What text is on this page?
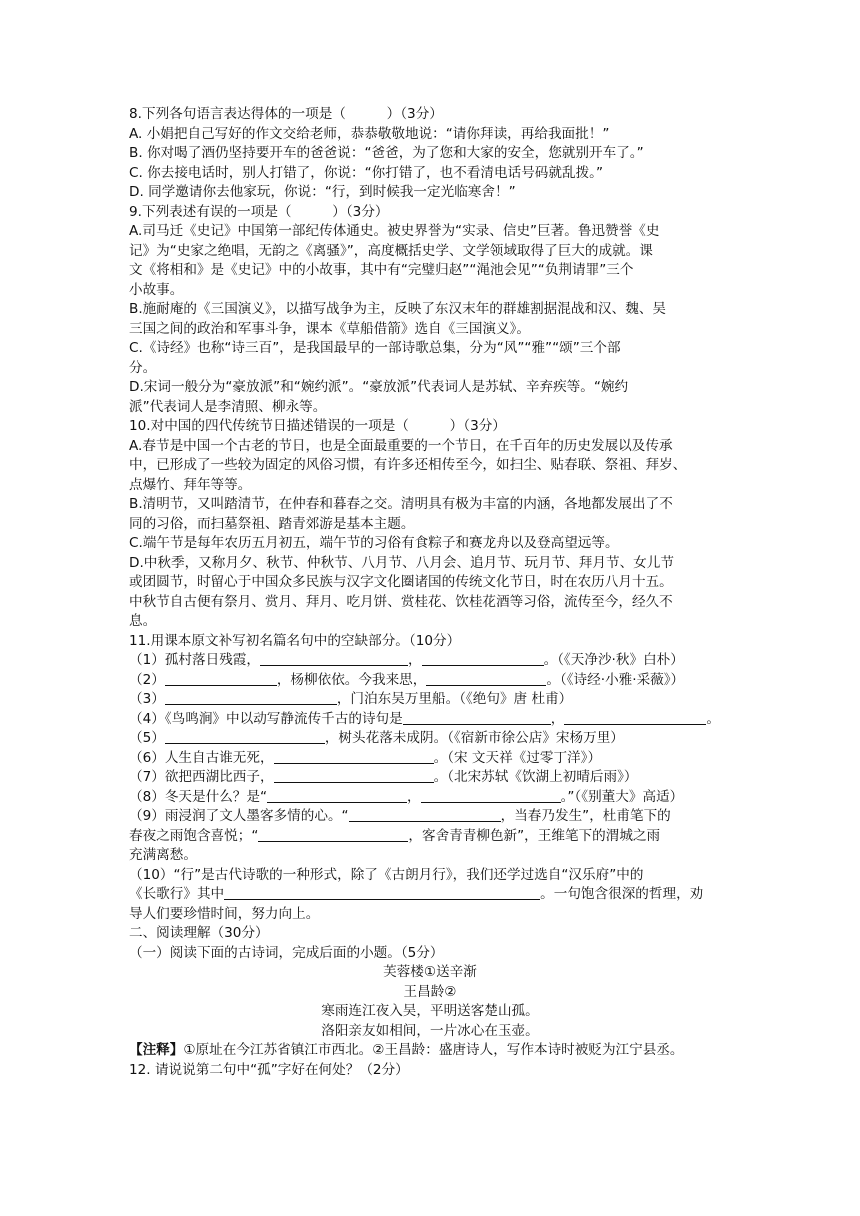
8.下列各句语言表达得体的一项是（　　　）（3分）
A. 小娟把自己写好的作文交给老师，恭恭敬敬地说：“请你拜读，再给我面批！”
B. 你对喝了酒仍坚持要开车的爸爸说：“爸爸，为了您和大家的安全，您就别开车了。”
C. 你去接电话时，别人打错了，你说：“你打错了，也不看清电话号码就乱拨。”
D. 同学邀请你去他家玩，你说：“行，到时候我一定光临寒舍！”
9.下列表述有误的一项是（　　　）（3分）
A.司马迁《史记》中国第一部纪传体通史。被史界誉为“实录、信史”巨著。鲁迅赞誉《史
记》为“史家之绝唱，无韵之《离骚》”，高度概括史学、文学领域取得了巨大的成就。课
文《将相和》是《史记》中的小故事，其中有“完璧归赵”“渑池会见”“负荆请罪”三个
小故事。
B.施耐庵的《三国演义》，以描写战争为主，反映了东汉末年的群雄割据混战和汉、魏、吴
三国之间的政治和军事斗争，课本《草船借箭》选自《三国演义》。
C.《诗经》也称“诗三百”，是我国最早的一部诗歌总集，分为“风”“雅”“颂”三个部
分。
D.宋词一般分为“豪放派”和“婉约派”。“豪放派”代表词人是苏轼、辛弃疾等。“婉约
派”代表词人是李清照、柳永等。
10.对中国的四代传统节日描述错误的一项是（　　　）（3分）
A.春节是中国一个古老的节日，也是全面最重要的一个节日，在千百年的历史发展以及传承
中，已形成了一些较为固定的风俗习惯，有许多还相传至今，如扫尘、贴春联、祭祖、拜岁、
点爆竹、拜年等等。
B.清明节，又叫踏清节，在仲春和暮春之交。清明具有极为丰富的内涵，各地都发展出了不
同的习俗，而扫墓祭祖、踏青郊游是基本主题。
C.端午节是每年农历五月初五，端午节的习俗有食粽子和赛龙舟以及登高望远等。
D.中秋季，又称月夕、秋节、仲秋节、八月节、八月会、追月节、玩月节、拜月节、女儿节
或团圆节，时留心于中国众多民族与汉字文化圈诸国的传统文化节日，时在农历八月十五。
中秋节自古便有祭月、赏月、拜月、吃月饼、赏桂花、饮桂花酒等习俗，流传至今，经久不
息。
11.用课本原文补写初名篇名句中的空缺部分。（10分）
（1）孤村落日残霞，	，	。（《天净沙·秋》白朴）
（2）	，杨柳依依。今我来思，	。（《诗经·小雅·采薇》）
（3）	，门泊东吴万里船。（《绝句》唐 杜甫）
（4）《鸟鸣涧》中以动写静流传千古的诗句是	，	。
（5）	，树头花落未成阴。（《宿新市徐公店》宋杨万里）
（6）人生自古谁无死，	。（宋 文天祥《过零丁洋》）
（7）欲把西湖比西子，	。（北宋苏轼《饮湖上初晴后雨》）
（8）冬天是什么？是“	，	。”（《别董大》高适）
（9）雨浸润了文人墨客多情的心。“	，当春乃发生”，杜甫笔下的
春夜之雨饱含喜悦；“	，客舍青青柳色新”，王维笔下的渭城之雨
充满离愁。
（10）“行”是古代诗歌的一种形式，除了《古朗月行》，我们还学过选自“汉乐府”中的
《长歌行》其中	。一句饱含很深的哲理，劝
导人们要珍惜时间，努力向上。
二、阅读理解（30分）
（一）阅读下面的古诗词，完成后面的小题。（5分）
芙蓉楼①送辛渐
王昌龄②
寒雨连江夜入吴，平明送客楚山孤。
洛阳亲友如相间，一片冰心在玉壶。
【注释】①原址在今江苏省镇江市西北。②王昌龄：盛唐诗人，写作本诗时被贬为江宁县丞。
12. 请说说第二句中“孤”字好在何处？（2分）
